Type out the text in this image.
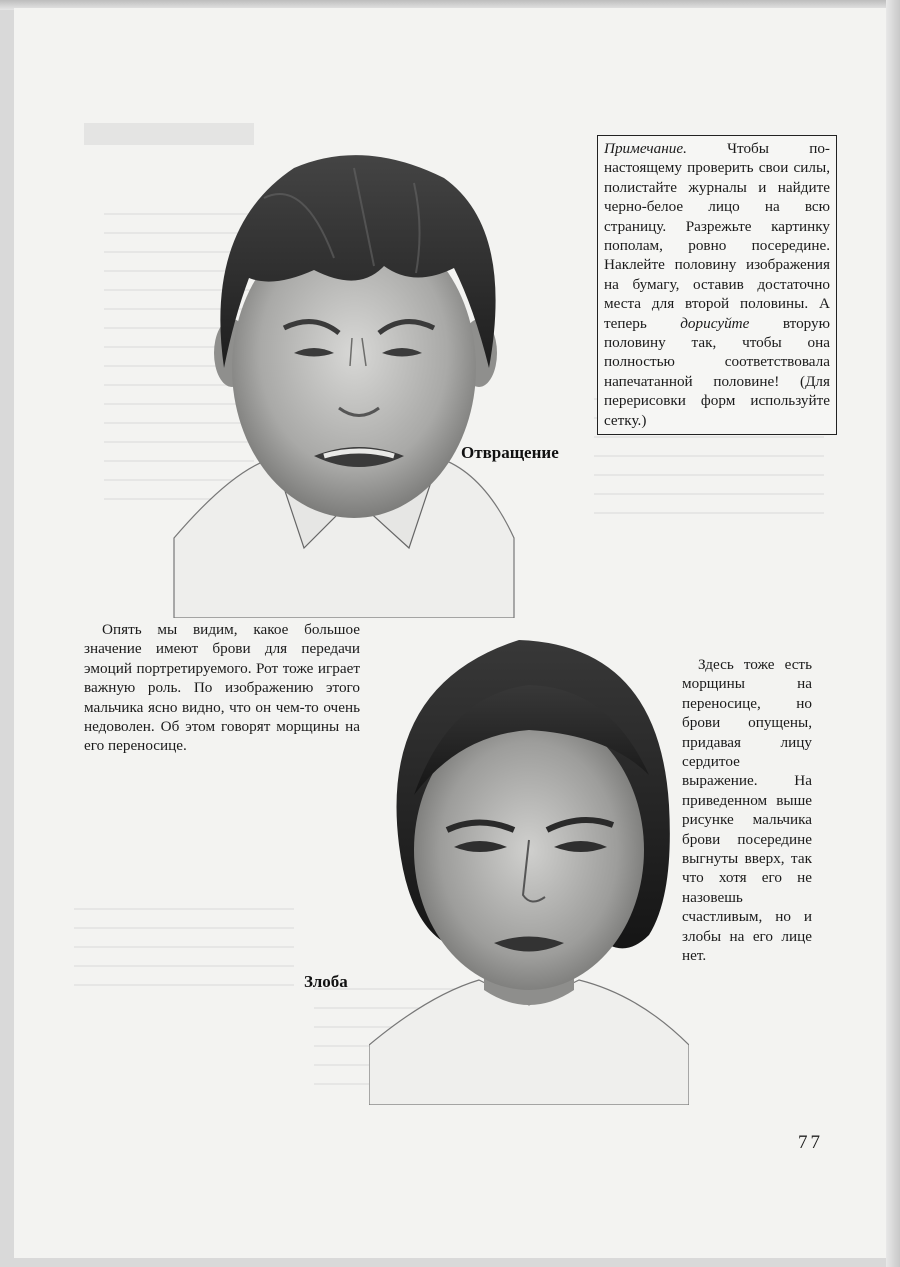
Примечание. Чтобы по-настоящему проверить свои силы, полистайте журналы и найдите черно-белое лицо на всю страницу. Разрежьте картинку пополам, ровно посередине. Наклейте половину изображения на бумагу, оставив достаточно места для второй половины. А теперь дорисуйте вторую половину так, чтобы она полностью соответствовала напечатанной половине! (Для перерисовки форм используйте сетку.)
Отвращение
Опять мы видим, какое большое значение имеют брови для передачи эмоций портретируемого. Рот тоже играет важную роль. По изображению этого мальчика ясно видно, что он чем-то очень недоволен. Об этом говорят морщины на его переносице.
Здесь тоже есть морщины на переносице, но брови опущены, придавая лицу сердитое выражение. На приведенном выше рисунке мальчика брови посередине выгнуты вверх, так что хотя его не назовешь счастливым, но и злобы на его лице нет.
Злоба
77
